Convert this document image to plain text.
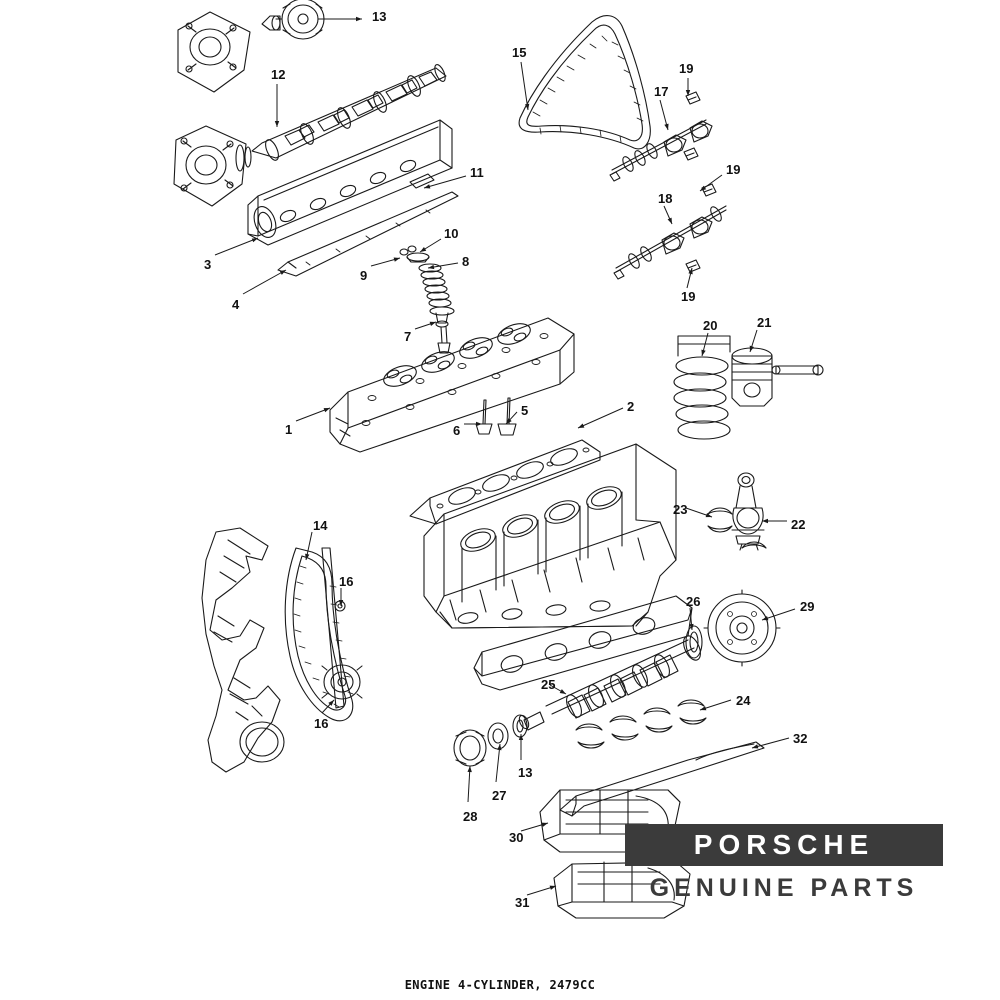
13
12
15
19
17
11	19
18
10
8
3
9
4
19
7
20	21
2
5
1	6
14
23
22
16
26	29
16
25
24
13
27
28
32
30
31
PORSCHE
GENUINE PARTS
ENGINE 4-CYLINDER, 2479CC
